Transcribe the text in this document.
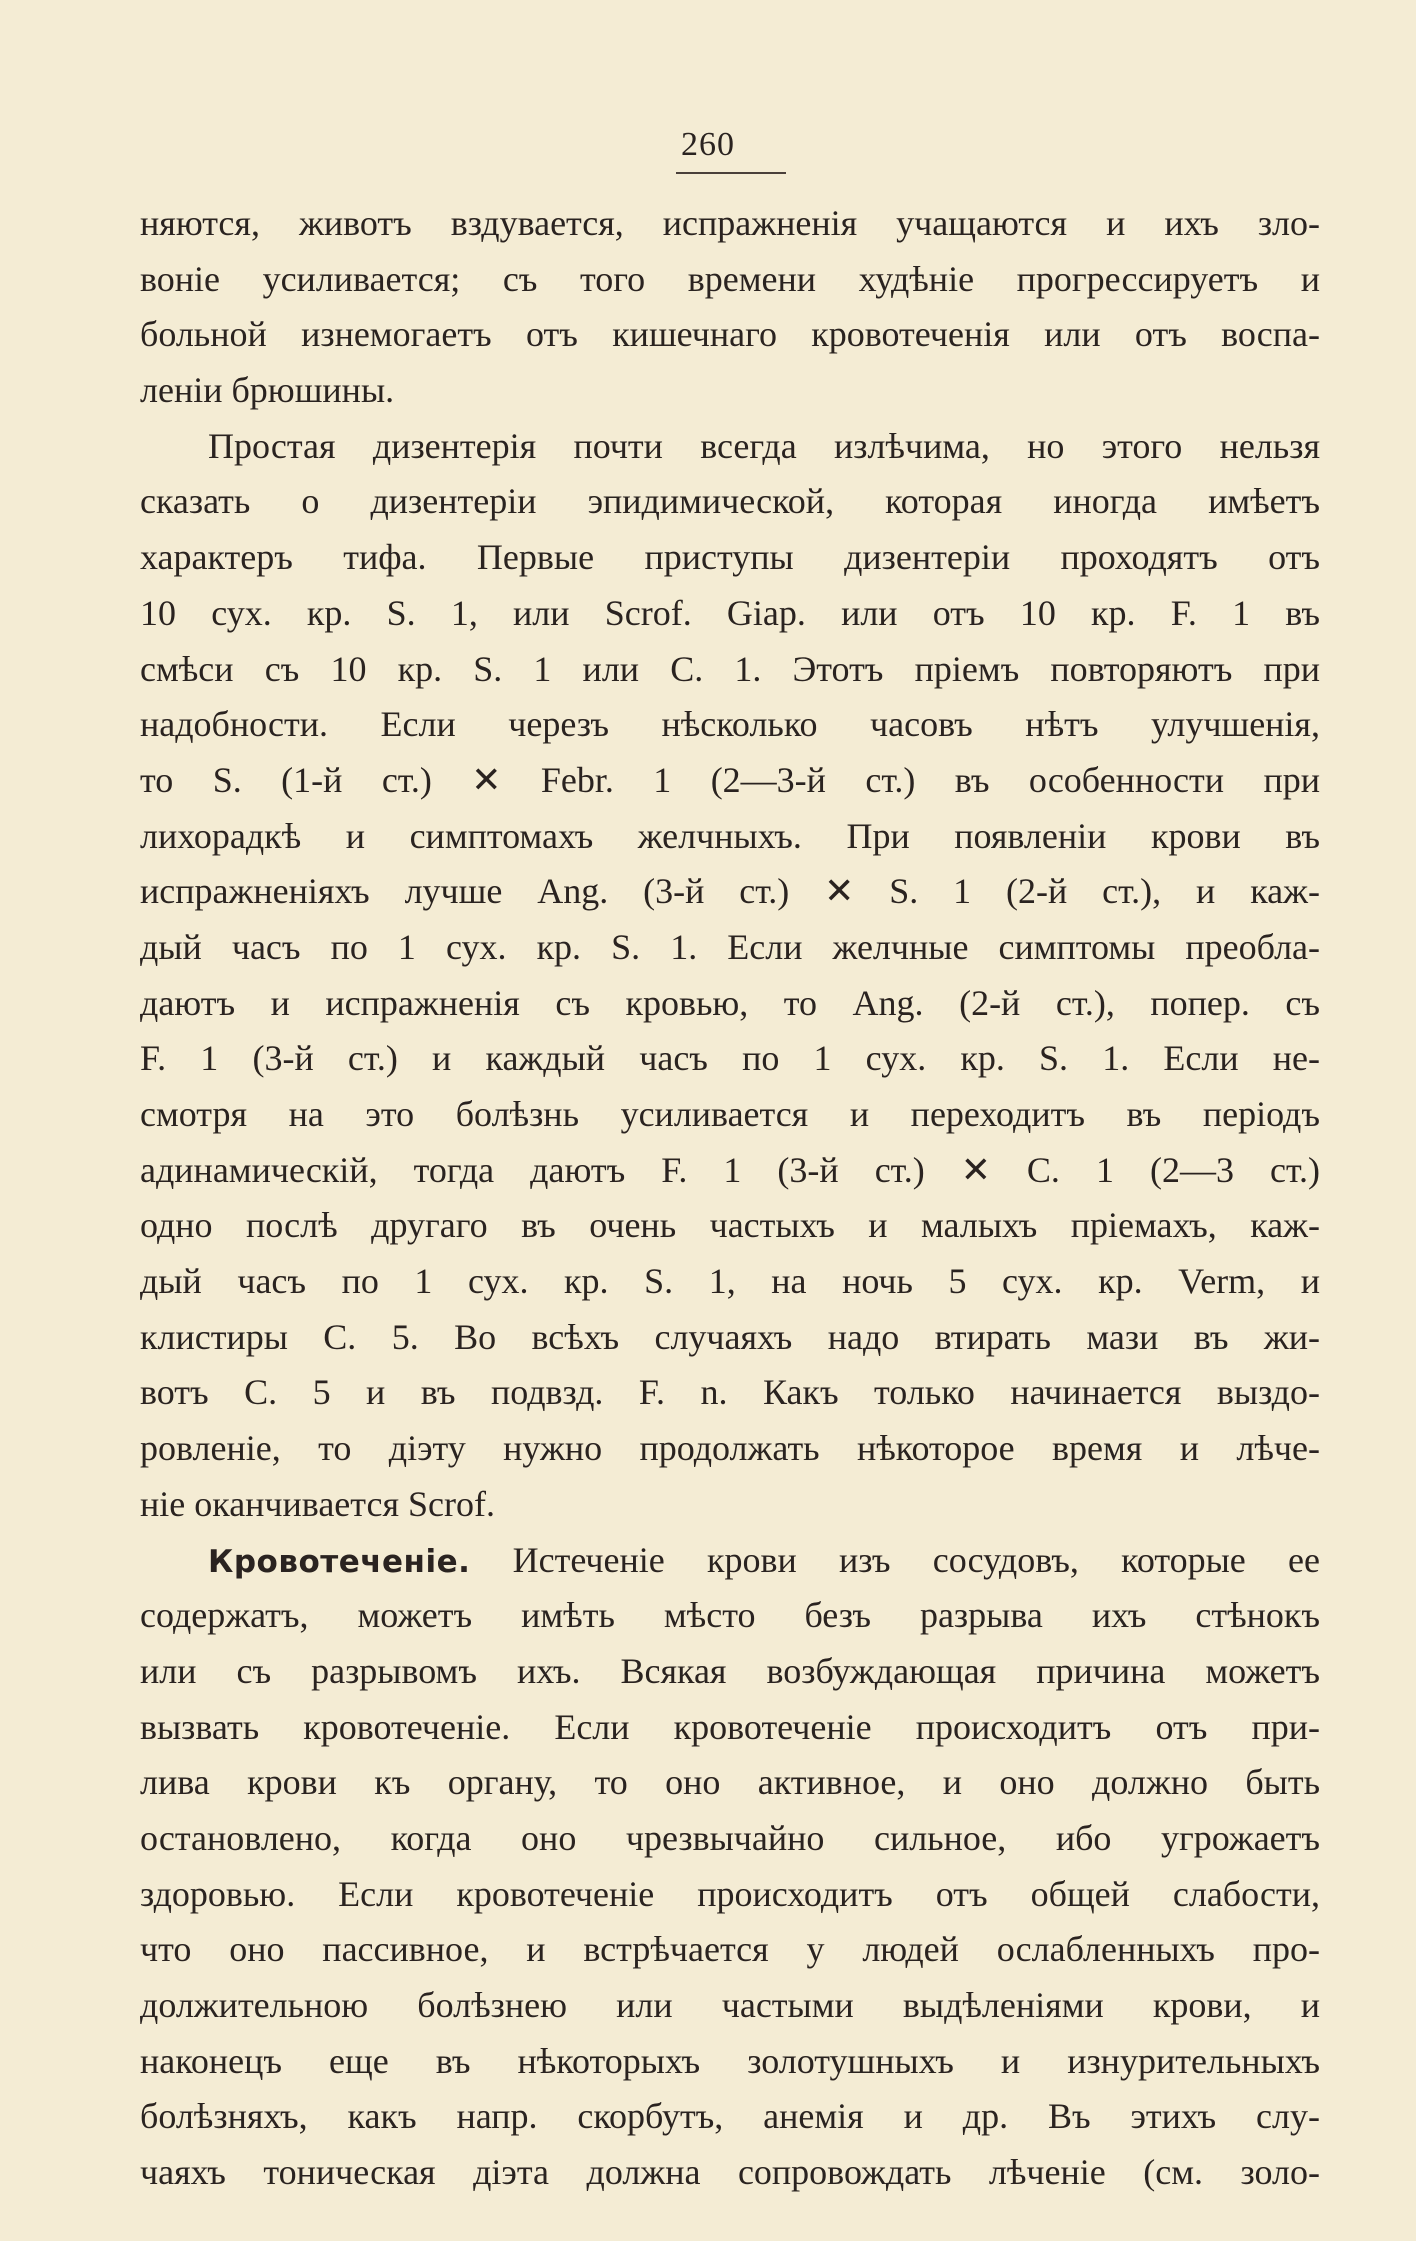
260
няются, животъ вздувается, испражненія учащаются и ихъ зло-
воніе усиливается; съ того времени худѣніе прогрессируетъ и
больной изнемогаетъ отъ кишечнаго кровотеченія или отъ воспа-
леніи брюшины.
Простая дизентерія почти всегда излѣчима, но этого нельзя
сказать о дизентеріи эпидимической, которая иногда имѣетъ
характеръ тифа. Первые приступы дизентеріи проходятъ отъ
10 сух. кр. S. 1, или Scrof. Giap. или отъ 10 кр. F. 1 въ
смѣси съ 10 кр. S. 1 или C. 1. Этотъ пріемъ повторяютъ при
надобности. Если черезъ нѣсколько часовъ нѣтъ улучшенія,
то S. (1-й ст.) ✕ Febr. 1 (2—3-й ст.) въ особенности при
лихорадкѣ и симптомахъ желчныхъ. При появленіи крови въ
испражненіяхъ лучше Ang. (3-й ст.) ✕ S. 1 (2-й ст.), и каж-
дый часъ по 1 сух. кр. S. 1. Если желчные симптомы преобла-
даютъ и испражненія съ кровью, то Ang. (2-й ст.), попер. съ
F. 1 (3-й ст.) и каждый часъ по 1 сух. кр. S. 1. Если не-
смотря на это болѣзнь усиливается и переходитъ въ періодъ
адинамическій, тогда даютъ F. 1 (3-й ст.) ✕ С. 1 (2—3 ст.)
одно послѣ другаго въ очень частыхъ и малыхъ пріемахъ, каж-
дый часъ по 1 сух. кр. S. 1, на ночь 5 сух. кр. Verm, и
клистиры С. 5. Во всѣхъ случаяхъ надо втирать мази въ жи-
вотъ С. 5 и въ подвзд. F. n. Какъ только начинается выздо-
ровленіе, то діэту нужно продолжать нѣкоторое время и лѣче-
ніе оканчивается Scrof.
Кровотеченіе. Истеченіе крови изъ сосудовъ, которые ее
содержатъ, можетъ имѣть мѣсто безъ разрыва ихъ стѣнокъ
или съ разрывомъ ихъ. Всякая возбуждающая причина можетъ
вызвать кровотеченіе. Если кровотеченіе происходитъ отъ при-
лива крови къ органу, то оно активное, и оно должно быть
остановлено, когда оно чрезвычайно сильное, ибо угрожаетъ
здоровью. Если кровотеченіе происходитъ отъ общей слабости,
что оно пассивное, и встрѣчается у людей ослабленныхъ про-
должительною болѣзнею или частыми выдѣленіями крови, и
наконецъ еще въ нѣкоторыхъ золотушныхъ и изнурительныхъ
болѣзняхъ, какъ напр. скорбутъ, анемія и др. Въ этихъ слу-
чаяхъ тоническая діэта должна сопровождать лѣченіе (см. золо-
